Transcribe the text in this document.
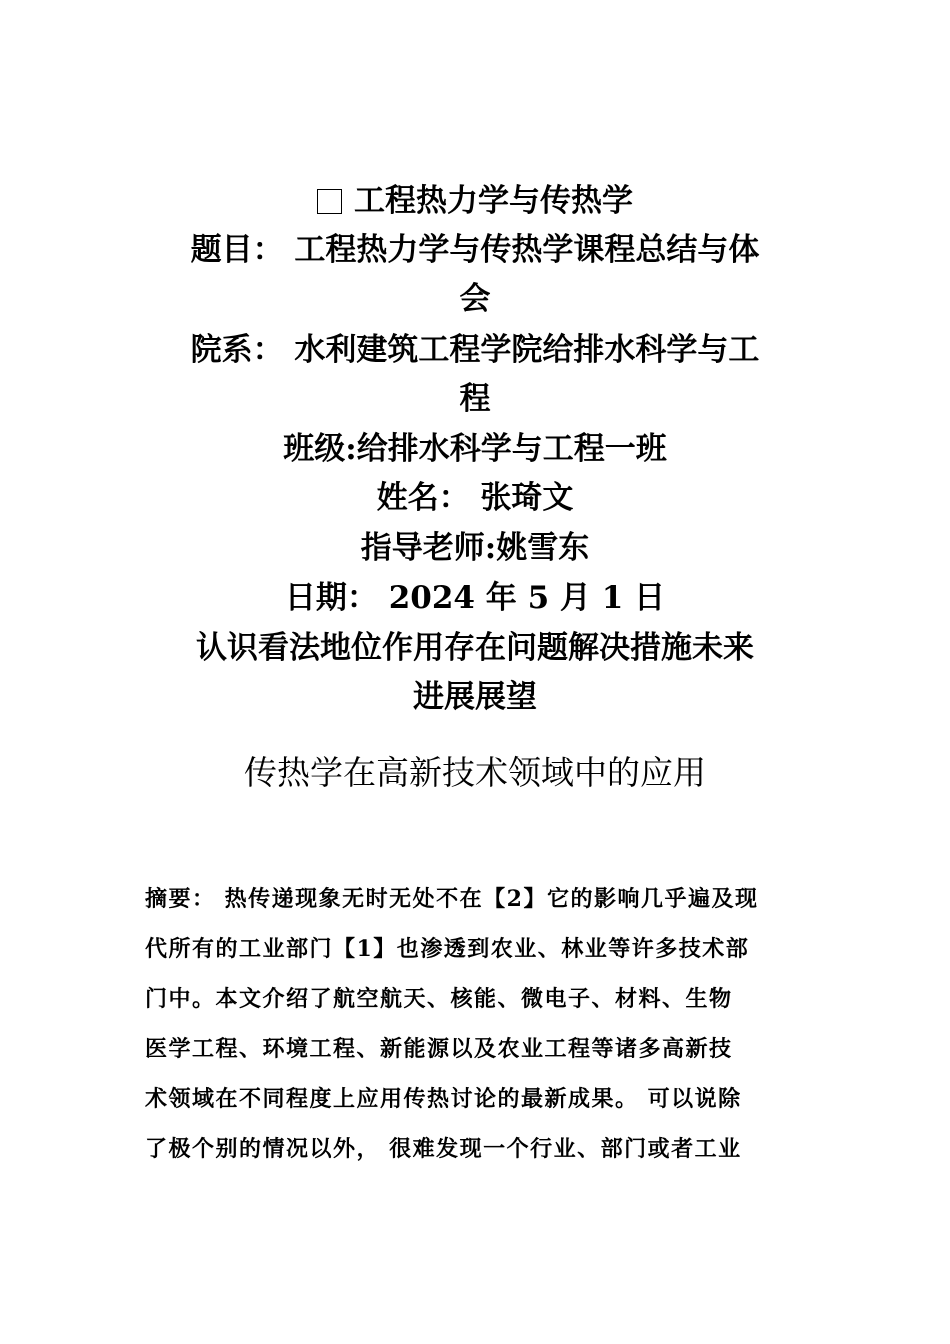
工程热力学与传热学
题目： 工程热力学与传热学课程总结与体
会
院系： 水利建筑工程学院给排水科学与工
程
班级:给排水科学与工程一班
姓名： 张琦文
指导老师:姚雪东
日期： 2024 年 5 月 1 日
认识看法地位作用存在问题解决措施未来
进展展望
传热学在高新技术领域中的应用
摘要： 热传递现象无时无处不在【2】它的影响几乎遍及现
代所有的工业部门【1】也渗透到农业、林业等许多技术部
门中。本文介绍了航空航天、核能、微电子、材料、生物
医学工程、环境工程、新能源以及农业工程等诸多高新技
术领域在不同程度上应用传热讨论的最新成果。 可以说除
了极个别的情况以外， 很难发现一个行业、部门或者工业
